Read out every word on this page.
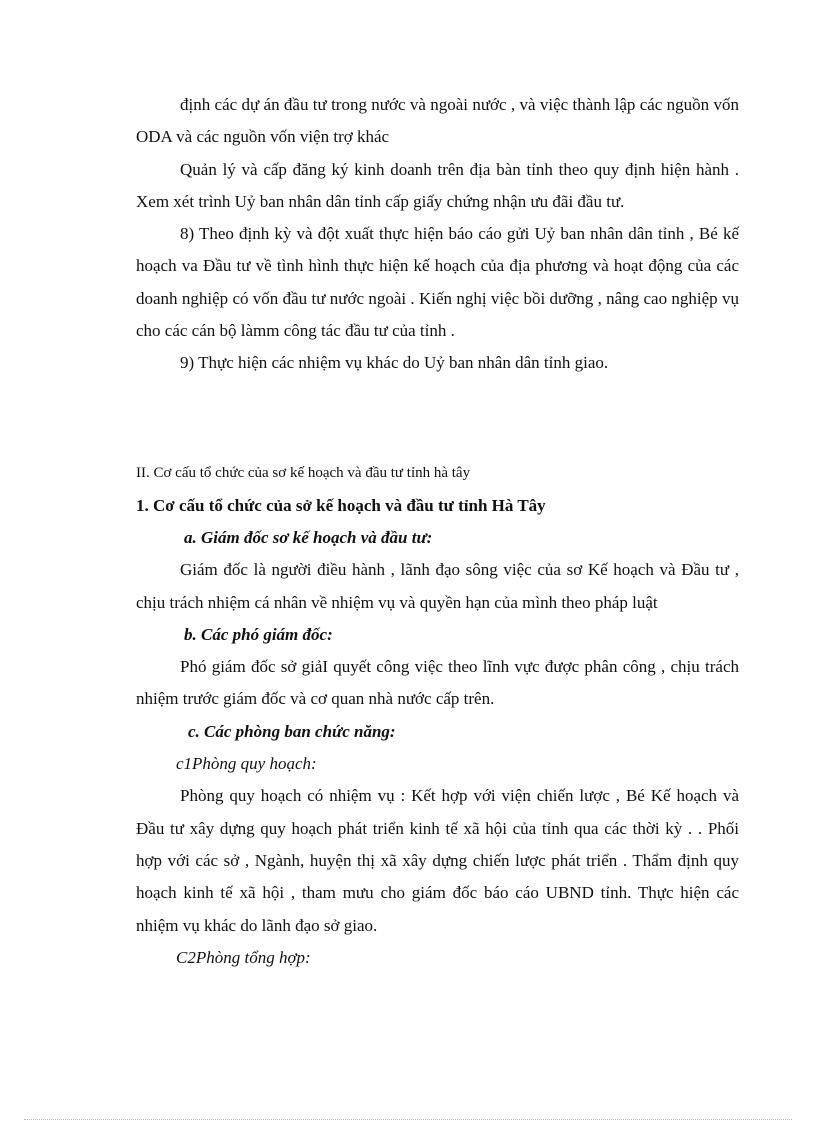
định các dự án đầu tư trong nước và ngoài nước , và việc thành lập các nguồn vốn ODA và các nguồn vốn viện trợ khác

Quản lý và cấp đăng ký kinh doanh trên địa bàn tỉnh theo quy định hiện hành . Xem xét trình Uỷ ban nhân dân tỉnh cấp giấy chứng nhận ưu đãi đầu tư.

8) Theo định kỳ và đột xuất thực hiện báo cáo gửi Uỷ ban nhân dân tỉnh , Bé kế hoạch va Đầu tư về tình hình thực hiện kế hoạch của địa phương và hoạt động của các doanh nghiệp có vốn đầu tư nước ngoài . Kiến nghị việc bồi dưỡng , nâng cao nghiệp vụ cho các cán bộ làmm công tác đầu tư của tỉnh .

9) Thực hiện các nhiệm vụ khác do Uỷ ban nhân dân tỉnh giao.

II. Cơ cấu tổ chức của sơ kế hoạch và đầu tư tỉnh hà tây

1. Cơ cấu tổ chức của sở kế hoạch và đầu tư tỉnh Hà Tây

a. Giám đốc sơ kế hoạch và đầu tư:

Giám đốc là người điều hành , lãnh đạo sông việc của sơ Kế hoạch và Đầu tư , chịu trách nhiệm cá nhân về nhiệm vụ và quyền hạn của mình theo pháp luật

b. Các phó giám đốc:

Phó giám đốc sở giảI quyết công việc theo lĩnh vực được phân công , chịu trách nhiệm trước giám đốc và cơ quan nhà nước cấp trên.

c. Các phòng ban chức năng:

c1Phòng quy hoạch:

Phòng quy hoạch có nhiệm vụ : Kết hợp với viện chiến lược , Bé Kế hoạch và Đầu tư xây dựng quy hoạch phát triển kinh tế xã hội của tỉnh qua các thời kỳ . . Phối hợp với các sở , Ngành, huyện thị xã xây dựng chiến lược phát triển . Thẩm định quy hoạch kinh tế xã hội , tham mưu cho giám đốc báo cáo UBND tỉnh. Thực hiện các nhiệm vụ khác do lãnh đạo sở giao.

C2Phòng tổng hợp:
